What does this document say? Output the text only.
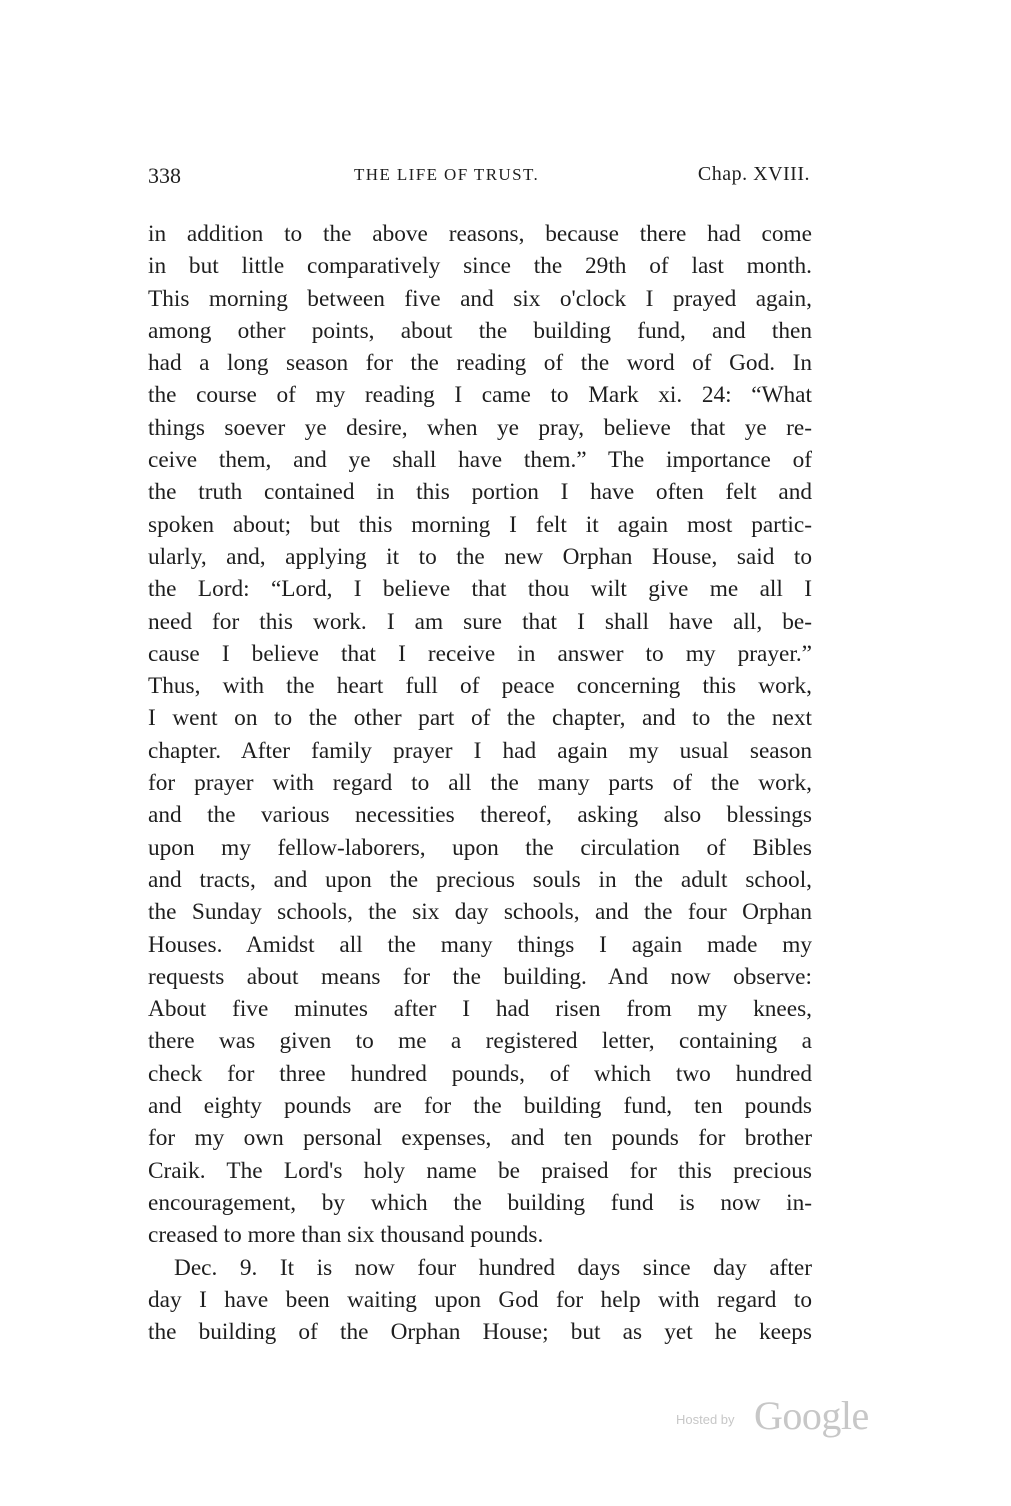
338	THE LIFE OF TRUST.	Chap. XVIII.
in addition to the above reasons, because there had come
in but little comparatively since the 29th of last month.
This morning between five and six o'clock I prayed again,
among other points, about the building fund, and then
had a long season for the reading of the word of God. In
the course of my reading I came to Mark xi. 24: “What
things soever ye desire, when ye pray, believe that ye re-
ceive them, and ye shall have them.” The importance of
the truth contained in this portion I have often felt and
spoken about; but this morning I felt it again most partic-
ularly, and, applying it to the new Orphan House, said to
the Lord: “Lord, I believe that thou wilt give me all I
need for this work. I am sure that I shall have all, be-
cause I believe that I receive in answer to my prayer.”
Thus, with the heart full of peace concerning this work,
I went on to the other part of the chapter, and to the next
chapter. After family prayer I had again my usual season
for prayer with regard to all the many parts of the work,
and the various necessities thereof, asking also blessings
upon my fellow-laborers, upon the circulation of Bibles
and tracts, and upon the precious souls in the adult school,
the Sunday schools, the six day schools, and the four Orphan
Houses. Amidst all the many things I again made my
requests about means for the building. And now observe:
About five minutes after I had risen from my knees,
there was given to me a registered letter, containing a
check for three hundred pounds, of which two hundred
and eighty pounds are for the building fund, ten pounds
for my own personal expenses, and ten pounds for brother
Craik. The Lord's holy name be praised for this precious
encouragement, by which the building fund is now in-
creased to more than six thousand pounds.
Dec. 9. It is now four hundred days since day after
day I have been waiting upon God for help with regard to
the building of the Orphan House; but as yet he keeps
Hosted by Google
